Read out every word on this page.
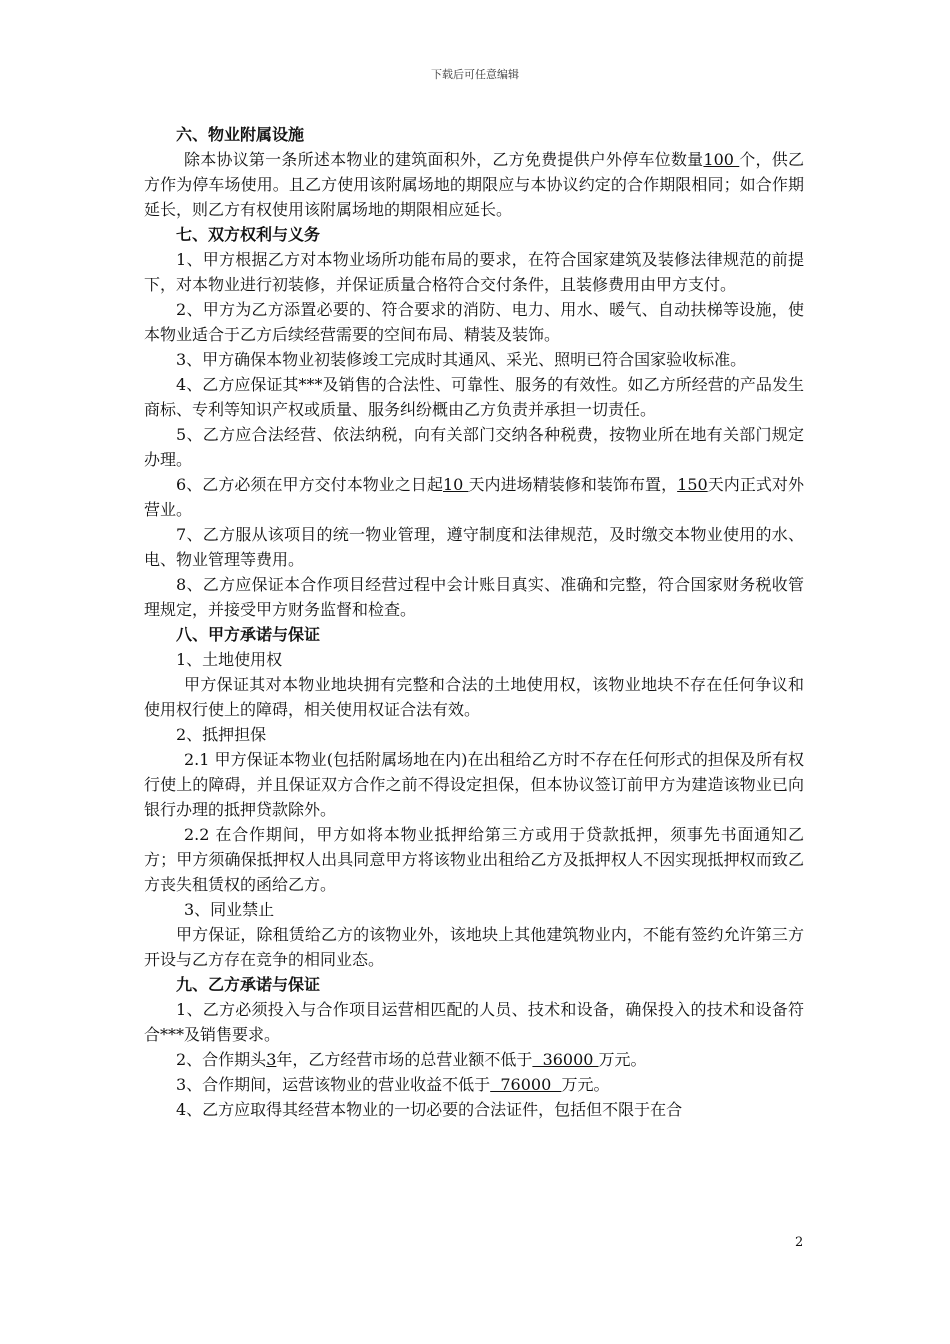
下载后可任意编辑

六、物业附属设施

除本协议第一条所述本物业的建筑面积外，乙方免费提供户外停车位数量100 个，供乙方作为停车场使用。且乙方使用该附属场地的期限应与本协议约定的合作期限相同；如合作期延长，则乙方有权使用该附属场地的期限相应延长。

七、双方权利与义务

1、甲方根据乙方对本物业场所功能布局的要求，在符合国家建筑及装修法律规范的前提下，对本物业进行初装修，并保证质量合格符合交付条件，且装修费用由甲方支付。

2、甲方为乙方添置必要的、符合要求的消防、电力、用水、暖气、自动扶梯等设施，使本物业适合于乙方后续经营需要的空间布局、精装及装饰。

3、甲方确保本物业初装修竣工完成时其通风、采光、照明已符合国家验收标准。

4、乙方应保证其***及销售的合法性、可靠性、服务的有效性。如乙方所经营的产品发生商标、专利等知识产权或质量、服务纠纷概由乙方负责并承担一切责任。

5、乙方应合法经营、依法纳税，向有关部门交纳各种税费，按物业所在地有关部门规定办理。

6、乙方必须在甲方交付本物业之日起10 天内进场精装修和装饰布置，150天内正式对外营业。

7、乙方服从该项目的统一物业管理，遵守制度和法律规范，及时缴交本物业使用的水、电、物业管理等费用。

8、乙方应保证本合作项目经营过程中会计账目真实、准确和完整，符合国家财务税收管理规定，并接受甲方财务监督和检查。

八、甲方承诺与保证

1、土地使用权

甲方保证其对本物业地块拥有完整和合法的土地使用权，该物业地块不存在任何争议和使用权行使上的障碍，相关使用权证合法有效。

2、抵押担保

2.1 甲方保证本物业(包括附属场地在内)在出租给乙方时不存在任何形式的担保及所有权行使上的障碍，并且保证双方合作之前不得设定担保，但本协议签订前甲方为建造该物业已向银行办理的抵押贷款除外。

2.2 在合作期间，甲方如将本物业抵押给第三方或用于贷款抵押，须事先书面通知乙方；甲方须确保抵押权人出具同意甲方将该物业出租给乙方及抵押权人不因实现抵押权而致乙方丧失租赁权的函给乙方。

3、同业禁止

甲方保证，除租赁给乙方的该物业外，该地块上其他建筑物业内，不能有签约允许第三方开设与乙方存在竞争的相同业态。

九、乙方承诺与保证

1、乙方必须投入与合作项目运营相匹配的人员、技术和设备，确保投入的技术和设备符合***及销售要求。

2、合作期头3年，乙方经营市场的总营业额不低于  36000 万元。

3、合作期间，运营该物业的营业收益不低于  76000  万元。

4、乙方应取得其经营本物业的一切必要的合法证件，包括但不限于在合

2
